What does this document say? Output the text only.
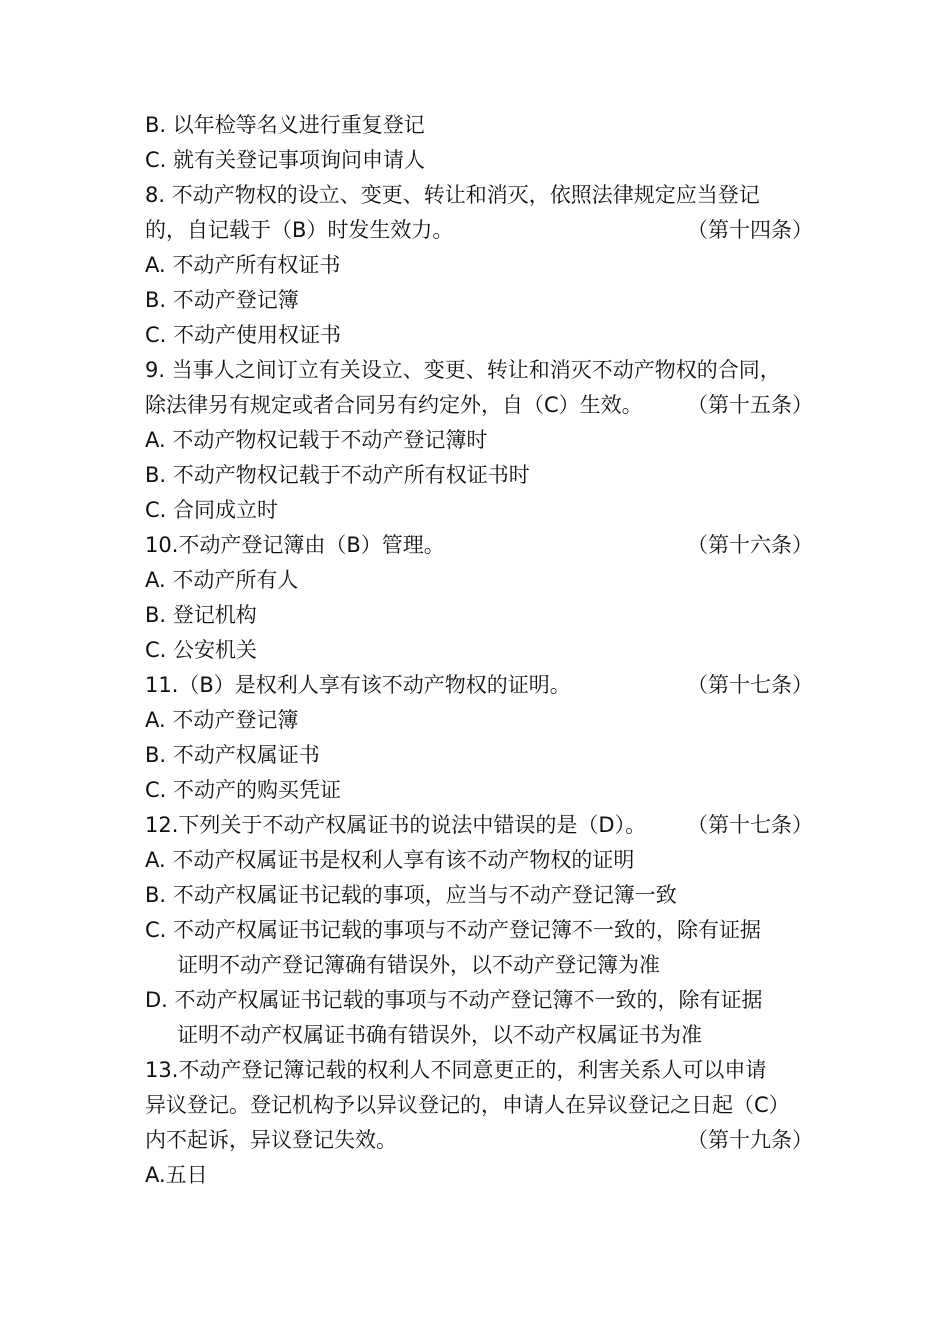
B. 以年检等名义进行重复登记
C. 就有关登记事项询问申请人
8. 不动产物权的设立、变更、转让和消灭，依照法律规定应当登记
的，自记载于（B）时发生效力。	（第十四条）
A. 不动产所有权证书
B. 不动产登记簿
C. 不动产使用权证书
9. 当事人之间订立有关设立、变更、转让和消灭不动产物权的合同，
除法律另有规定或者合同另有约定外，自（C）生效。 （第十五条）
A. 不动产物权记载于不动产登记簿时
B. 不动产物权记载于不动产所有权证书时
C. 合同成立时
10.不动产登记簿由（B）管理。	（第十六条）
A. 不动产所有人
B. 登记机构
C. 公安机关
11.（B）是权利人享有该不动产物权的证明。	（第十七条）
A. 不动产登记簿
B. 不动产权属证书
C. 不动产的购买凭证
12.下列关于不动产权属证书的说法中错误的是（D）。 （第十七条）
A. 不动产权属证书是权利人享有该不动产物权的证明
B. 不动产权属证书记载的事项，应当与不动产登记簿一致
C. 不动产权属证书记载的事项与不动产登记簿不一致的，除有证据
证明不动产登记簿确有错误外，以不动产登记簿为准
D. 不动产权属证书记载的事项与不动产登记簿不一致的，除有证据
证明不动产权属证书确有错误外，以不动产权属证书为准
13.不动产登记簿记载的权利人不同意更正的，利害关系人可以申请
异议登记。登记机构予以异议登记的，申请人在异议登记之日起（C）
内不起诉，异议登记失效。	（第十九条）
A.五日
